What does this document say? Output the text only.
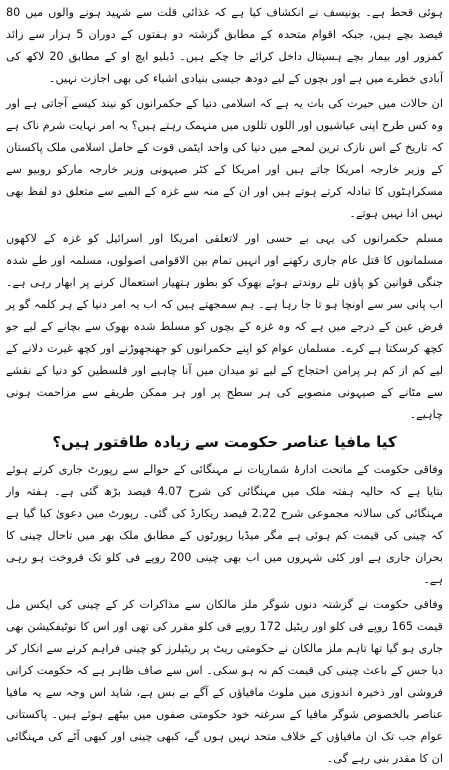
ہوئی قحط ہے۔ یونیسف نے انکشاف کیا ہے کہ غذائی قلت سے شہید ہونے والوں میں 80 فیصد بچے ہیں، جبکہ اقوام متحدہ کے مطابق گزشتہ دو ہفتوں کے دوران 5 ہزار سے زائد کمزور اور بیمار بچے ہسپتال داخل کرائے جا چکے ہیں۔ ڈبلیو ایچ او کے مطابق 20 لاکھ کی آبادی خطرے میں ہے اور بچوں کے لیے دودھ جیسی بنیادی اشیاء کی بھی اجازت نہیں۔

ان حالات میں حیرت کی بات یہ ہے کہ اسلامی دنیا کے حکمرانوں کو نیند کیسے آجاتی ہے اور وہ کس طرح اپنی عیاشیوں اور اللوں تللوں میں منہمک رہتے ہیں؟ یہ امر نہایت شرم ناک ہے کہ تاریخ کے اس نازک ترین لمحے میں دنیا کی واحد ایٹمی قوت کے حامل اسلامی ملک پاکستان کے وزیر خارجہ امریکا جاتے ہیں اور امریکا کے کٹر صیہونی وزیر خارجہ مارکو روبیو سے مسکراہٹوں کا تبادلہ کرتے ہوتے ہیں اور ان کے منہ سے غزہ کے المیے سے متعلق دو لفظ بھی نہیں ادا نہیں ہوتے۔

مسلم حکمرانوں کی یہی بے حسی اور لاتعلقی امریکا اور اسرائیل کو غزہ کے لاکھوں مسلمانوں کا قتل عام جاری رکھنے اور انہیں تمام بین الاقوامی اصولوں، مسلمہ اور طے شدہ جنگی قوانین کو پاؤں تلے روندتے ہوئے بھوک کو بطور ہتھیار استعمال کرنے پر ابھار رہی ہے۔ اب پانی سر سے اونچا ہو تا جا رہا ہے۔ ہم سمجھتے ہیں کہ اب یہ امر دنیا کے ہر کلمہ گو پر فرض عین کے درجے میں ہے کہ وہ غزہ کے بچوں کو مسلط شدہ بھوک سے بچانے کے لیے جو کچھ کرسکتا ہے کرے۔ مسلمان عوام کو اپنے حکمرانوں کو جھنجھوڑنے اور کچھ غیرت دلانے کے لیے کم از کم ہر پرامن احتجاج کے لیے تو میدان میں آنا چاہیے اور فلسطین کو دنیا کے نقشے سے مٹانے کے صیہونی منصوبے کی ہر سطح پر اور ہر ممکن طریقے سے مزاحمت ہونی چاہیے۔

کیا مافیا عناصر حکومت سے زیادہ طاقتور ہیں؟

وفاقی حکومت کے ماتحت ادارۂ شماریات نے مہنگائی کے حوالے سے رپورٹ جاری کرتے ہوئے بتایا ہے کہ حالیہ ہفتہ ملک میں مہنگائی کی شرح 4.07 فیصد بڑھ گئی ہے۔ ہفتہ وار مہنگائی کی سالانہ مجموعی شرح 2.22 فیصد ریکارڈ کی گئی۔ رپورٹ میں دعویٰ کیا گیا ہے کہ چینی کی قیمت کم ہوئی ہے مگر میڈیا رپورٹوں کے مطابق ملک بھر میں تاحال چینی کا بحران جاری ہے اور کئی شہروں میں اب بھی چینی 200 روپے فی کلو تک فروخت ہو رہی ہے۔

وفاقی حکومت نے گزشتہ دنوں شوگر ملز مالکان سے مذاکرات کر کے چینی کی ایکس مل قیمت 165 روپے فی کلو اور ریٹیل 172 روپے فی کلو مقرر کی تھی اور اس کا نوٹیفکیشن بھی جاری ہو گیا تھا تاہم ملز مالکان نے حکومتی ریٹ پر ریٹیلرز کو چینی فراہم کرنے سے انکار کر دیا جس کے باعث چینی کی قیمت کم نہ ہو سکی۔ اس سے صاف ظاہر ہے کہ حکومت کرانی فروشی اور ذخیرہ اندوزی میں ملوث مافیاؤں کے آگے بے بس ہے، شاید اس وجہ سے یہ مافیا عناصر بالخصوص شوگر مافیا کے سرغنہ خود حکومتی صفوں میں بیٹھے ہوئے ہیں۔ پاکستانی عوام جب تک ان مافیاؤں کے خلاف متحد نہیں ہوں گے، کبھی چینی اور کبھی آٹے کی مہنگائی ان کا مقدر بنی رہے گی۔
